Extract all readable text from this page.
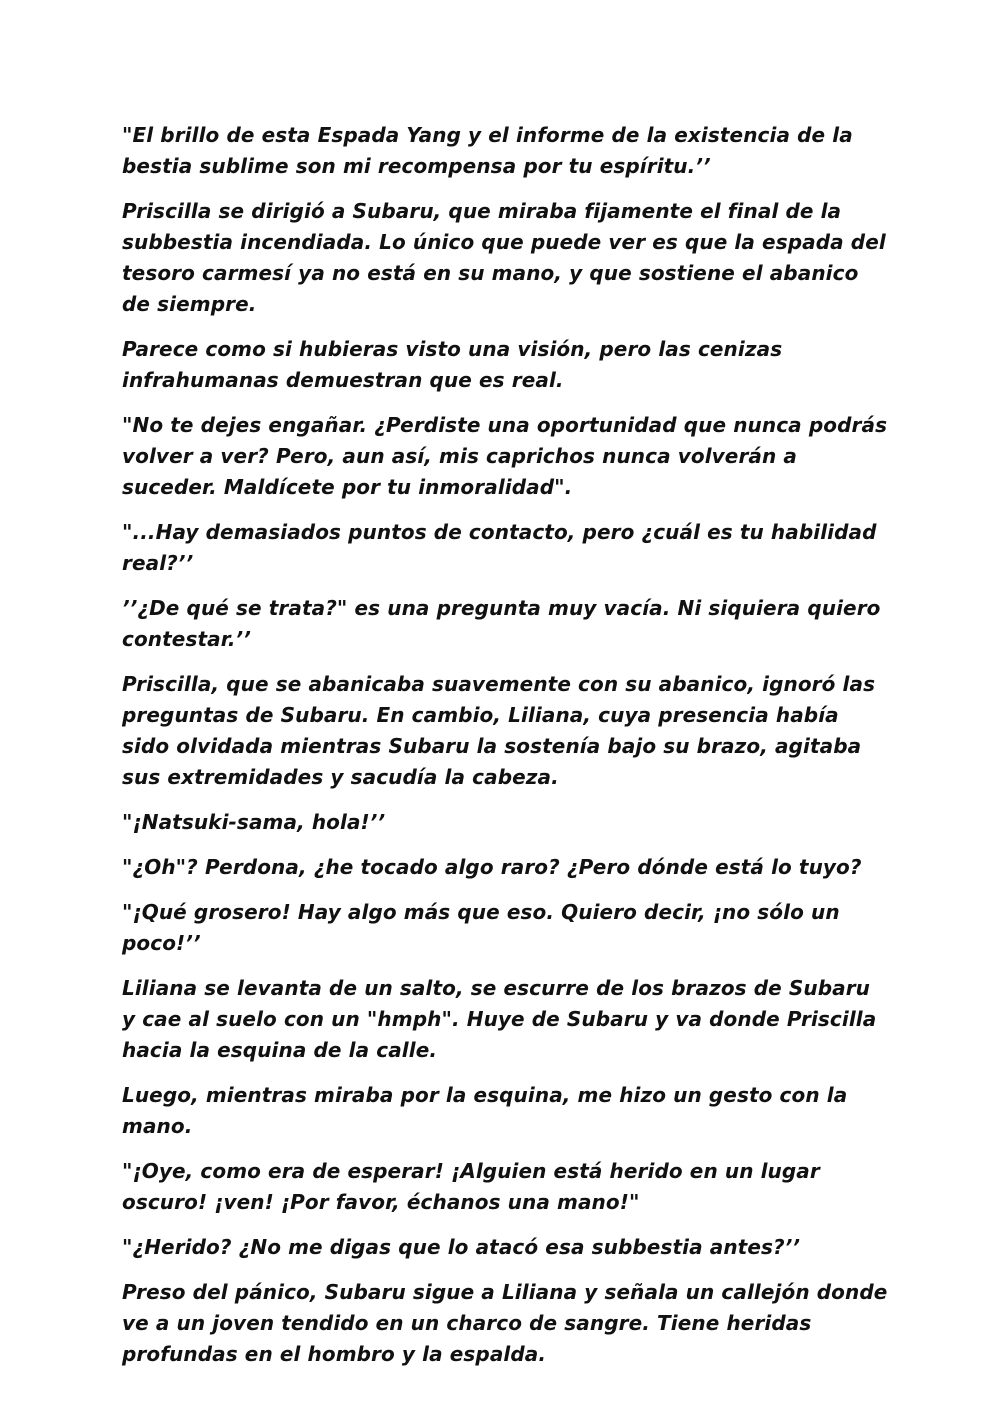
"El brillo de esta Espada Yang y el informe de la existencia de la bestia sublime son mi recompensa por tu espíritu.’’

Priscilla se dirigió a Subaru, que miraba fijamente el final de la subbestia incendiada. Lo único que puede ver es que la espada del tesoro carmesí ya no está en su mano, y que sostiene el abanico de siempre.

Parece como si hubieras visto una visión, pero las cenizas infrahumanas demuestran que es real.

"No te dejes engañar. ¿Perdiste una oportunidad que nunca podrás volver a ver? Pero, aun así, mis caprichos nunca volverán a suceder. Maldícete por tu inmoralidad".

"...Hay demasiados puntos de contacto, pero ¿cuál es tu habilidad real?’’

’’¿De qué se trata?" es una pregunta muy vacía. Ni siquiera quiero contestar.’’

Priscilla, que se abanicaba suavemente con su abanico, ignoró las preguntas de Subaru. En cambio, Liliana, cuya presencia había sido olvidada mientras Subaru la sostenía bajo su brazo, agitaba sus extremidades y sacudía la cabeza.

"¡Natsuki-sama, hola!’’

"¿Oh"? Perdona, ¿he tocado algo raro? ¿Pero dónde está lo tuyo?

"¡Qué grosero! Hay algo más que eso. Quiero decir, ¡no sólo un poco!’’

Liliana se levanta de un salto, se escurre de los brazos de Subaru y cae al suelo con un "hmph". Huye de Subaru y va donde Priscilla hacia la esquina de la calle.

Luego, mientras miraba por la esquina, me hizo un gesto con la mano.

"¡Oye, como era de esperar! ¡Alguien está herido en un lugar oscuro! ¡ven! ¡Por favor, échanos una mano!"

"¿Herido? ¿No me digas que lo atacó esa subbestia antes?’’

Preso del pánico, Subaru sigue a Liliana y señala un callejón donde ve a un joven tendido en un charco de sangre. Tiene heridas profundas en el hombro y la espalda.
